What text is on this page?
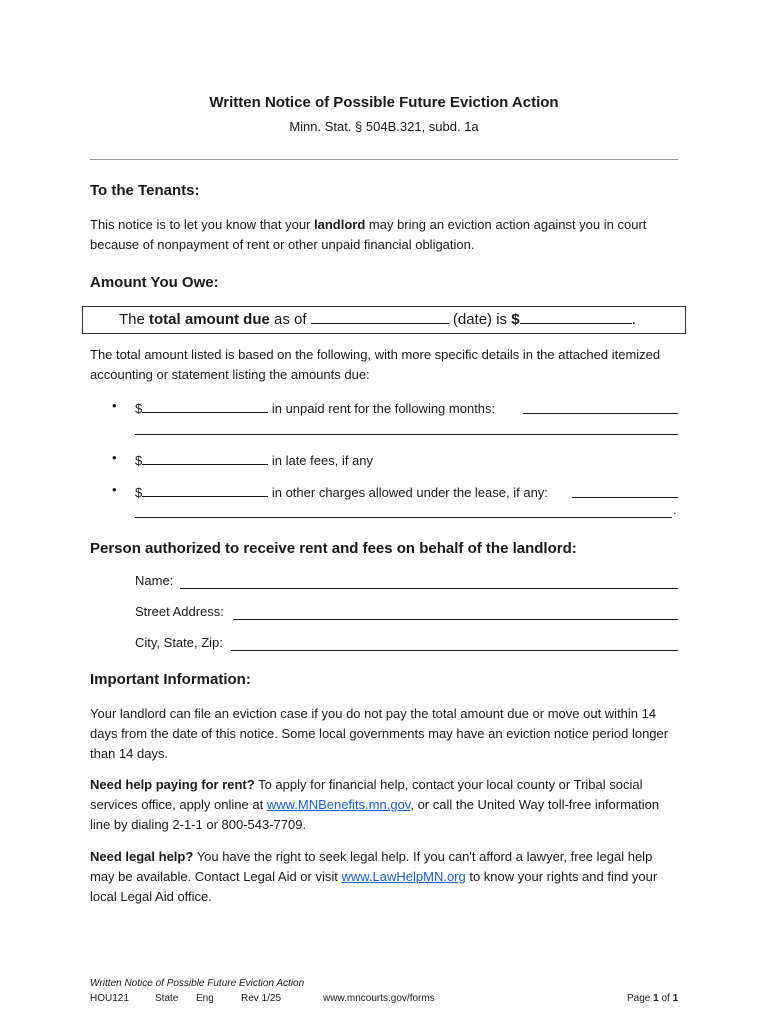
Written Notice of Possible Future Eviction Action
Minn. Stat. § 504B.321, subd. 1a
To the Tenants:
This notice is to let you know that your landlord may bring an eviction action against you in court because of nonpayment of rent or other unpaid financial obligation.
Amount You Owe:
The total amount due as of	(date) is $	.
The total amount listed is based on the following, with more specific details in the attached itemized accounting or statement listing the amounts due:
• $	in unpaid rent for the following months:
• $	in late fees, if any
• $	in other charges allowed under the lease, if any:
.
Person authorized to receive rent and fees on behalf of the landlord:
Name:
Street Address:
City, State, Zip:
Important Information:
Your landlord can file an eviction case if you do not pay the total amount due or move out within 14 days from the date of this notice. Some local governments may have an eviction notice period longer than 14 days.
Need help paying for rent? To apply for financial help, contact your local county or Tribal social services office, apply online at www.MNBenefits.mn.gov, or call the United Way toll-free information line by dialing 2-1-1 or 800-543-7709.
Need legal help? You have the right to seek legal help. If you can't afford a lawyer, free legal help may be available. Contact Legal Aid or visit www.LawHelpMN.org to know your rights and find your local Legal Aid office.
Written Notice of Possible Future Eviction Action
HOU121	State Eng	Rev 1/25	www.mncourts.gov/forms	Page 1 of 1
